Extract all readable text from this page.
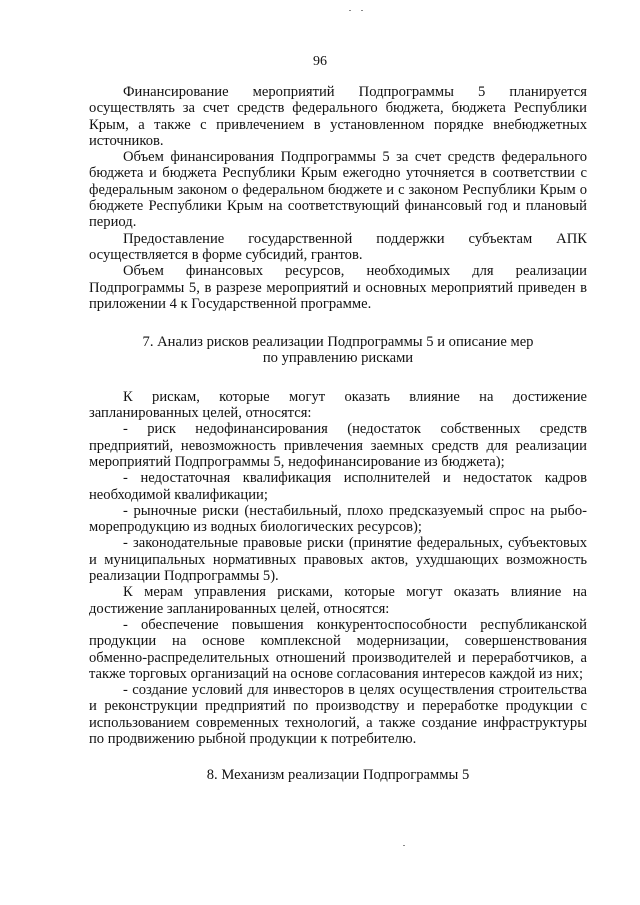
96

Финансирование мероприятий Подпрограммы 5 планируется осуществлять за счет средств федерального бюджета, бюджета Республики Крым, а также с привлечением в установленном порядке внебюджетных источников.

Объем финансирования Подпрограммы 5 за счет средств федерального бюджета и бюджета Республики Крым ежегодно уточняется в соответствии с федеральным законом о федеральном бюджете и с законом Республики Крым о бюджете Республики Крым на соответствующий финансовый год и плановый период.

Предоставление государственной поддержки субъектам АПК осуществляется в форме субсидий, грантов.

Объем финансовых ресурсов, необходимых для реализации Подпрограммы 5, в разрезе мероприятий и основных мероприятий приведен в приложении 4 к Государственной программе.

7. Анализ рисков реализации Подпрограммы 5 и описание мер
по управлению рисками

К рискам, которые могут оказать влияние на достижение запланированных целей, относятся:

- риск недофинансирования (недостаток собственных средств предприятий, невозможность привлечения заемных средств для реализации мероприятий Подпрограммы 5, недофинансирование из бюджета);

- недостаточная квалификация исполнителей и недостаток кадров необходимой квалификации;

- рыночные риски (нестабильный, плохо предсказуемый спрос на рыбо-морепродукцию из водных биологических ресурсов);

- законодательные правовые риски (принятие федеральных, субъектовых и муниципальных нормативных правовых актов, ухудшающих возможность реализации Подпрограммы 5).

К мерам управления рисками, которые могут оказать влияние на достижение запланированных целей, относятся:

- обеспечение повышения конкурентоспособности республиканской продукции на основе комплексной модернизации, совершенствования обменно-распределительных отношений производителей и переработчиков, а также торговых организаций на основе согласования интересов каждой из них;

- создание условий для инвесторов в целях осуществления строительства и реконструкции предприятий по производству и переработке продукции с использованием современных технологий, а также создание инфраструктуры по продвижению рыбной продукции к потребителю.

8. Механизм реализации Подпрограммы 5
